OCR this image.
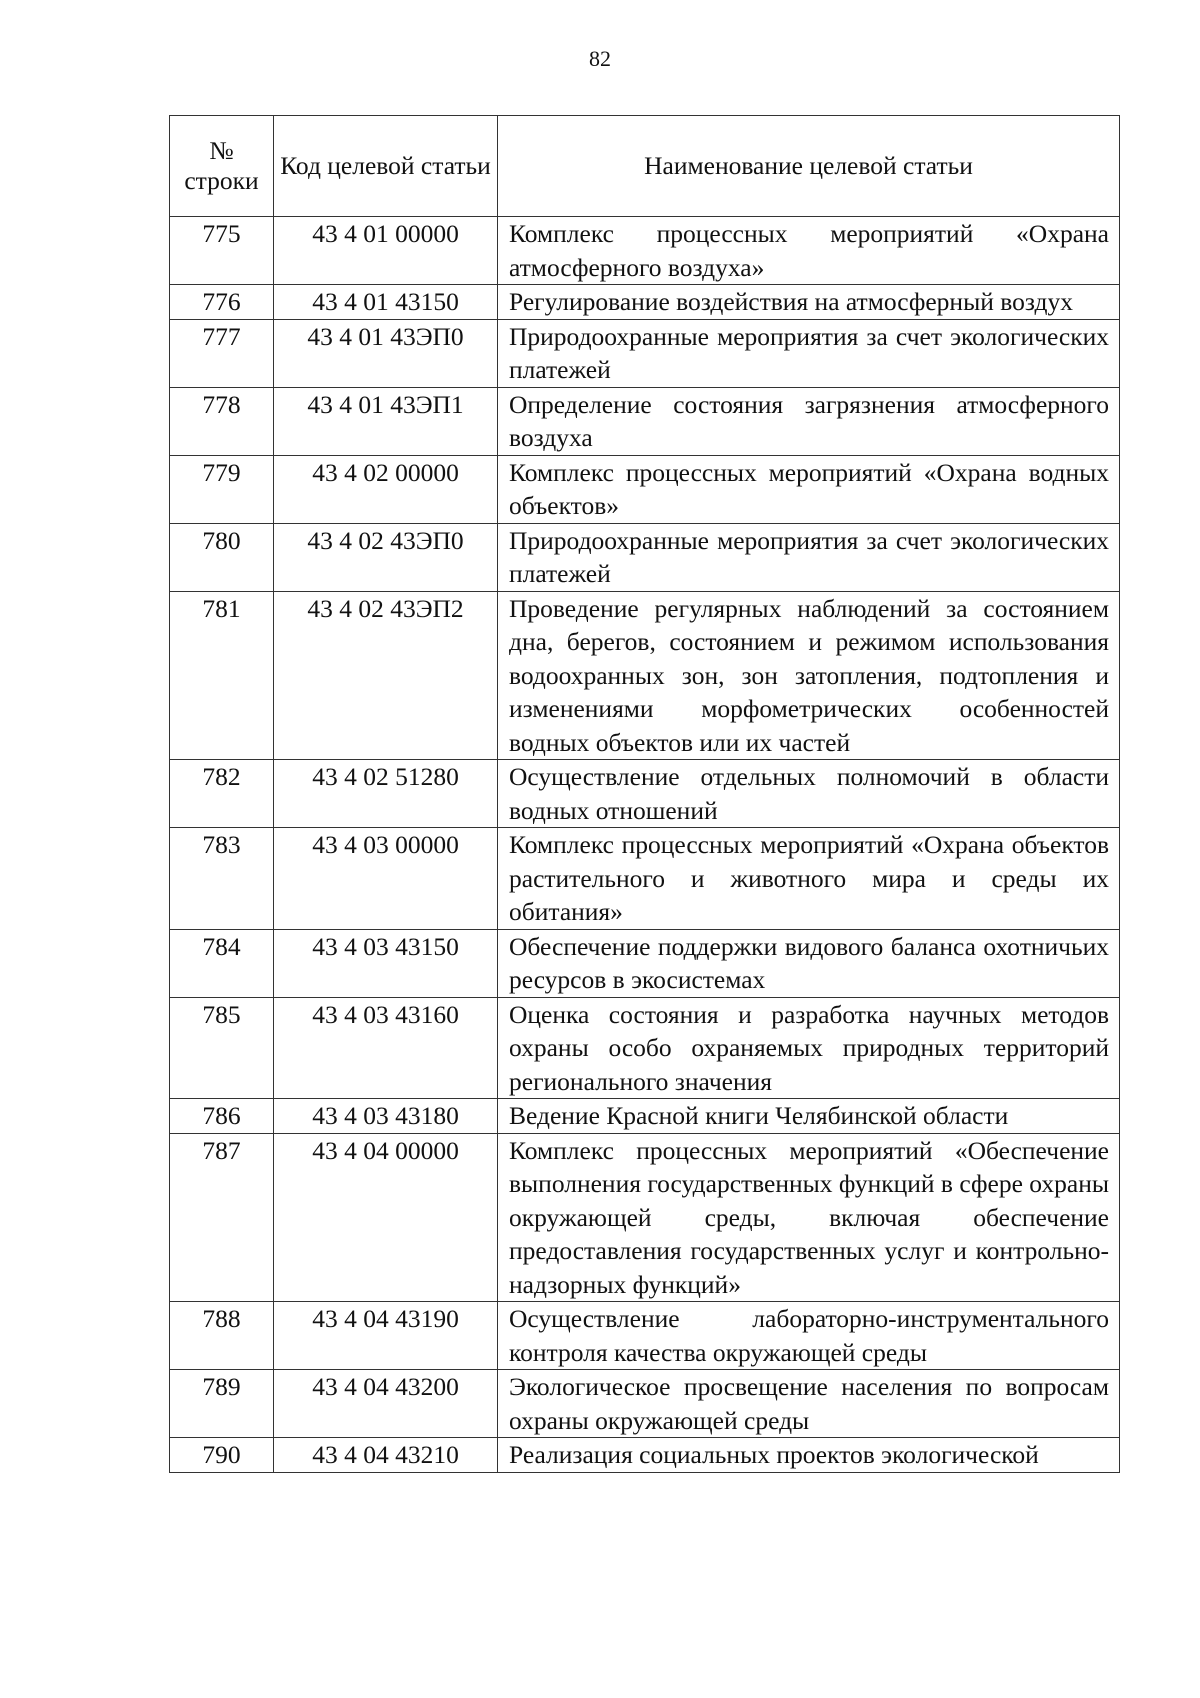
82
№ строки	Код целевой статьи	Наименование целевой статьи
775	43 4 01 00000	Комплекс процессных мероприятий «Охрана атмосферного воздуха»
776	43 4 01 43150	Регулирование воздействия на атмосферный воздух
777	43 4 01 43ЭП0	Природоохранные мероприятия за счет экологических платежей
778	43 4 01 43ЭП1	Определение состояния загрязнения атмосферного воздуха
779	43 4 02 00000	Комплекс процессных мероприятий «Охрана водных объектов»
780	43 4 02 43ЭП0	Природоохранные мероприятия за счет экологических платежей
781	43 4 02 43ЭП2	Проведение регулярных наблюдений за состоянием дна, берегов, состоянием и режимом использования водоохранных зон, зон затопления, подтопления и изменениями морфометрических особенностей водных объектов или их частей
782	43 4 02 51280	Осуществление отдельных полномочий в области водных отношений
783	43 4 03 00000	Комплекс процессных мероприятий «Охрана объектов растительного и животного мира и среды их обитания»
784	43 4 03 43150	Обеспечение поддержки видового баланса охотничьих ресурсов в экосистемах
785	43 4 03 43160	Оценка состояния и разработка научных методов охраны особо охраняемых природных территорий регионального значения
786	43 4 03 43180	Ведение Красной книги Челябинской области
787	43 4 04 00000	Комплекс процессных мероприятий «Обеспечение выполнения государственных функций в сфере охраны окружающей среды, включая обеспечение предоставления государственных услуг и контрольно-надзорных функций»
788	43 4 04 43190	Осуществление лабораторно-инструментального контроля качества окружающей среды
789	43 4 04 43200	Экологическое просвещение населения по вопросам охраны окружающей среды
790	43 4 04 43210	Реализация социальных проектов экологической
